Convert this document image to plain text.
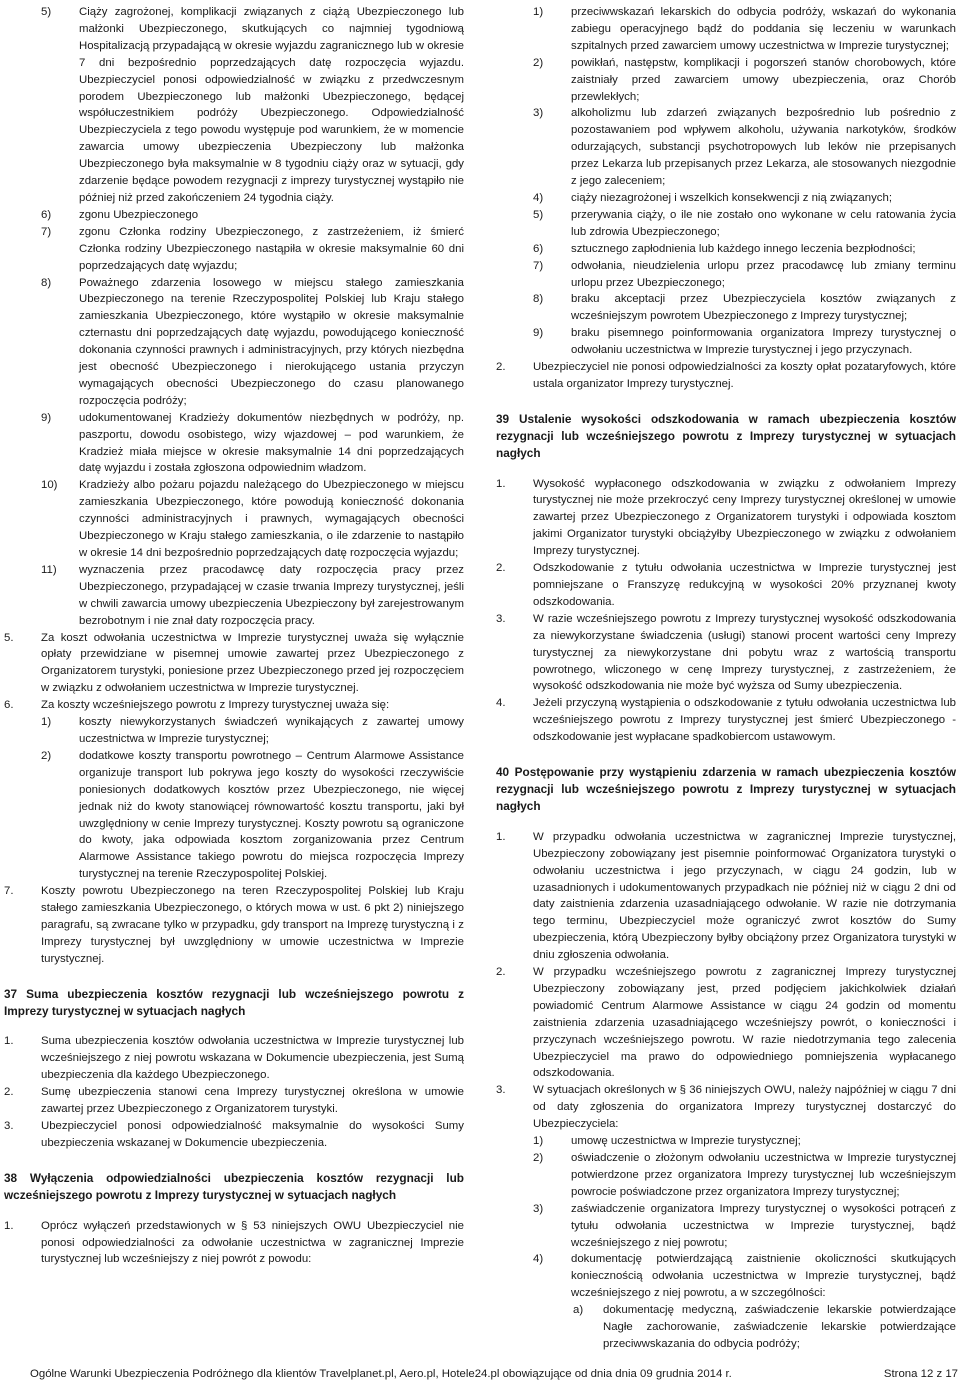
5) Ciąży zagrożonej, komplikacji związanych z ciążą Ubezpieczonego lub małżonki Ubezpieczonego, skutkujących co najmniej tygodniową Hospitalizacją przypadającą w okresie wyjazdu zagranicznego lub w okresie 7 dni bezpośrednio poprzedzających datę rozpoczęcia wyjazdu. Ubezpieczyciel ponosi odpowiedzialność w związku z przedwczesnym porodem Ubezpieczonego lub małżonki Ubezpieczonego, będącej współuczestnikiem podróży Ubezpieczonego. Odpowiedzialność Ubezpieczyciela z tego powodu występuje pod warunkiem, że w momencie zawarcia umowy ubezpieczenia Ubezpieczony lub małżonka Ubezpieczonego była maksymalnie w 8 tygodniu ciąży oraz w sytuacji, gdy zdarzenie będące powodem rezygnacji z imprezy turystycznej wystąpiło nie później niż przed zakończeniem 24 tygodnia ciąży.

6) zgonu Ubezpieczonego

7) zgonu Członka rodziny Ubezpieczonego, z zastrzeżeniem, iż śmierć Członka rodziny Ubezpieczonego nastąpiła w okresie maksymalnie 60 dni poprzedzających datę wyjazdu;

8) Poważnego zdarzenia losowego w miejscu stałego zamieszkania Ubezpieczonego na terenie Rzeczypospolitej Polskiej lub Kraju stałego zamieszkania Ubezpieczonego, które wystąpiło w okresie maksymalnie czternastu dni poprzedzających datę wyjazdu, powodującego konieczność dokonania czynności prawnych i administracyjnych, przy których niezbędna jest obecność Ubezpieczonego i nierokującego ustania przyczyn wymagających obecności Ubezpieczonego do czasu planowanego rozpoczęcia podróży;

9) udokumentowanej Kradzieży dokumentów niezbędnych w podróży, np. paszportu, dowodu osobistego, wizy wjazdowej – pod warunkiem, że Kradzież miała miejsce w okresie maksymalnie 14 dni poprzedzających datę wyjazdu i została zgłoszona odpowiednim władzom.

10) Kradzieży albo pożaru pojazdu należącego do Ubezpieczonego w miejscu zamieszkania Ubezpieczonego, które powodują konieczność dokonania czynności administracyjnych i prawnych, wymagających obecności Ubezpieczonego w Kraju stałego zamieszkania, o ile zdarzenie to nastąpiło w okresie 14 dni bezpośrednio poprzedzających datę rozpoczęcia wyjazdu;

11) wyznaczenia przez pracodawcę daty rozpoczęcia pracy przez Ubezpieczonego, przypadającej w czasie trwania Imprezy turystycznej, jeśli w chwili zawarcia umowy ubezpieczenia Ubezpieczony był zarejestrowanym bezrobotnym i nie znał daty rozpoczęcia pracy.

5. Za koszt odwołania uczestnictwa w Imprezie turystycznej uważa się wyłącznie opłaty przewidziane w pisemnej umowie zawartej przez Ubezpieczonego z Organizatorem turystyki, poniesione przez Ubezpieczonego przed jej rozpoczęciem w związku z odwołaniem uczestnictwa w Imprezie turystycznej.

6. Za koszty wcześniejszego powrotu z Imprezy turystycznej uważa się:

1) koszty niewykorzystanych świadczeń wynikających z zawartej umowy uczestnictwa w Imprezie turystycznej;

2) dodatkowe koszty transportu powrotnego – Centrum Alarmowe Assistance organizuje transport lub pokrywa jego koszty do wysokości rzeczywiście poniesionych dodatkowych kosztów przez Ubezpieczonego, nie więcej jednak niż do kwoty stanowiącej równowartość kosztu transportu, jaki był uwzględniony w cenie Imprezy turystycznej. Koszty powrotu są ograniczone do kwoty, jaka odpowiada kosztom zorganizowania przez Centrum Alarmowe Assistance takiego powrotu do miejsca rozpoczęcia Imprezy turystycznej na terenie Rzeczypospolitej Polskiej.

7. Koszty powrotu Ubezpieczonego na teren Rzeczypospolitej Polskiej lub Kraju stałego zamieszkania Ubezpieczonego, o których mowa w ust. 6 pkt 2) niniejszego paragrafu, są zwracane tylko w przypadku, gdy transport na Imprezę turystyczną i z Imprezy turystycznej był uwzględniony w umowie uczestnictwa w Imprezie turystycznej.

37 Suma ubezpieczenia kosztów rezygnacji lub wcześniejszego powrotu z Imprezy turystycznej w sytuacjach nagłych

1. Suma ubezpieczenia kosztów odwołania uczestnictwa w Imprezie turystycznej lub wcześniejszego z niej powrotu wskazana w Dokumencie ubezpieczenia, jest Sumą ubezpieczenia dla każdego Ubezpieczonego.

2. Sumę ubezpieczenia stanowi cena Imprezy turystycznej określona w umowie zawartej przez Ubezpieczonego z Organizatorem turystyki.

3. Ubezpieczyciel ponosi odpowiedzialność maksymalnie do wysokości Sumy ubezpieczenia wskazanej w Dokumencie ubezpieczenia.

38 Wyłączenia odpowiedzialności ubezpieczenia kosztów rezygnacji lub wcześniejszego powrotu z Imprezy turystycznej w sytuacjach nagłych

1. Oprócz wyłączeń przedstawionych w § 53 niniejszych OWU Ubezpieczyciel nie ponosi odpowiedzialności za odwołanie uczestnictwa w zagranicznej Imprezie turystycznej lub wcześniejszy z niej powrót z powodu:

1) przeciwwskazań lekarskich do odbycia podróży, wskazań do wykonania zabiegu operacyjnego bądź do poddania się leczeniu w warunkach szpitalnych przed zawarciem umowy uczestnictwa w Imprezie turystycznej;

2) powikłań, następstw, komplikacji i pogorszeń stanów chorobowych, które zaistniały przed zawarciem umowy ubezpieczenia, oraz Chorób przewlekłych;

3) alkoholizmu lub zdarzeń związanych bezpośrednio lub pośrednio z pozostawaniem pod wpływem alkoholu, używania narkotyków, środków odurzających, substancji psychotropowych lub leków nie przepisanych przez Lekarza lub przepisanych przez Lekarza, ale stosowanych niezgodnie z jego zaleceniem;

4) ciąży niezagrożonej i wszelkich konsekwencji z nią związanych;

5) przerywania ciąży, o ile nie zostało ono wykonane w celu ratowania życia lub zdrowia Ubezpieczonego;

6) sztucznego zapłodnienia lub każdego innego leczenia bezpłodności;

7) odwołania, nieudzielenia urlopu przez pracodawcę lub zmiany terminu urlopu przez Ubezpieczonego;

8) braku akceptacji przez Ubezpieczyciela kosztów związanych z wcześniejszym powrotem Ubezpieczonego z Imprezy turystycznej;

9) braku pisemnego poinformowania organizatora Imprezy turystycznej o odwołaniu uczestnictwa w Imprezie turystycznej i jego przyczynach.

2. Ubezpieczyciel nie ponosi odpowiedzialności za koszty opłat pozataryfowych, które ustala organizator Imprezy turystycznej.

39 Ustalenie wysokości odszkodowania w ramach ubezpieczenia kosztów rezygnacji lub wcześniejszego powrotu z Imprezy turystycznej w sytuacjach nagłych

1. Wysokość wypłaconego odszkodowania w związku z odwołaniem Imprezy turystycznej nie może przekroczyć ceny Imprezy turystycznej określonej w umowie zawartej przez Ubezpieczonego z Organizatorem turystyki i odpowiada kosztom jakimi Organizator turystyki obciążyłby Ubezpieczonego w związku z odwołaniem Imprezy turystycznej.

2. Odszkodowanie z tytułu odwołania uczestnictwa w Imprezie turystycznej jest pomniejszane o Franszyzę redukcyjną w wysokości 20% przyznanej kwoty odszkodowania.

3. W razie wcześniejszego powrotu z Imprezy turystycznej wysokość odszkodowania za niewykorzystane świadczenia (usługi) stanowi procent wartości ceny Imprezy turystycznej za niewykorzystane dni pobytu wraz z wartością transportu powrotnego, wliczonego w cenę Imprezy turystycznej, z zastrzeżeniem, że wysokość odszkodowania nie może być wyższa od Sumy ubezpieczenia.

4. Jeżeli przyczyną wystąpienia o odszkodowanie z tytułu odwołania uczestnictwa lub wcześniejszego powrotu z Imprezy turystycznej jest śmierć Ubezpieczonego - odszkodowanie jest wypłacane spadkobiercom ustawowym.

40 Postępowanie przy wystąpieniu zdarzenia w ramach ubezpieczenia kosztów rezygnacji lub wcześniejszego powrotu z Imprezy turystycznej w sytuacjach nagłych

1. W przypadku odwołania uczestnictwa w zagranicznej Imprezie turystycznej, Ubezpieczony zobowiązany jest pisemnie poinformować Organizatora turystyki o odwołaniu uczestnictwa i jego przyczynach, w ciągu 24 godzin, lub w uzasadnionych i udokumentowanych przypadkach nie później niż w ciągu 2 dni od daty zaistnienia zdarzenia uzasadniającego odwołanie. W razie nie dotrzymania tego terminu, Ubezpieczyciel może ograniczyć zwrot kosztów do Sumy ubezpieczenia, którą Ubezpieczony byłby obciążony przez Organizatora turystyki w dniu zgłoszenia odwołania.

2. W przypadku wcześniejszego powrotu z zagranicznej Imprezy turystycznej Ubezpieczony zobowiązany jest, przed podjęciem jakichkolwiek działań powiadomić Centrum Alarmowe Assistance w ciągu 24 godzin od momentu zaistnienia zdarzenia uzasadniającego wcześniejszy powrót, o konieczności i przyczynach wcześniejszego powrotu. W razie niedotrzymania tego zalecenia Ubezpieczyciel ma prawo do odpowiedniego pomniejszenia wypłacanego odszkodowania.

3. W sytuacjach określonych w § 36 niniejszych OWU, należy najpóźniej w ciągu 7 dni od daty zgłoszenia do organizatora Imprezy turystycznej dostarczyć do Ubezpieczyciela:

1) umowę uczestnictwa w Imprezie turystycznej;

2) oświadczenie o złożonym odwołaniu uczestnictwa w Imprezie turystycznej potwierdzone przez organizatora Imprezy turystycznej lub wcześniejszym powrocie poświadczone przez organizatora Imprezy turystycznej;

3) zaświadczenie organizatora Imprezy turystycznej o wysokości potrąceń z tytułu odwołania uczestnictwa w Imprezie turystycznej, bądź wcześniejszego z niej powrotu;

4) dokumentację potwierdzającą zaistnienie okoliczności skutkujących koniecznością odwołania uczestnictwa w Imprezie turystycznej, bądź wcześniejszego z niej powrotu, a w szczególności:

a) dokumentację medyczną, zaświadczenie lekarskie potwierdzające Nagłe zachorowanie, zaświadczenie lekarskie potwierdzające przeciwwskazania do odbycia podróży;

Ogólne Warunki Ubezpieczenia Podróżnego dla klientów Travelplanet.pl, Aero.pl, Hotele24.pl obowiązujące od dnia dnia 09 grudnia 2014 r.	Strona 12 z 17
